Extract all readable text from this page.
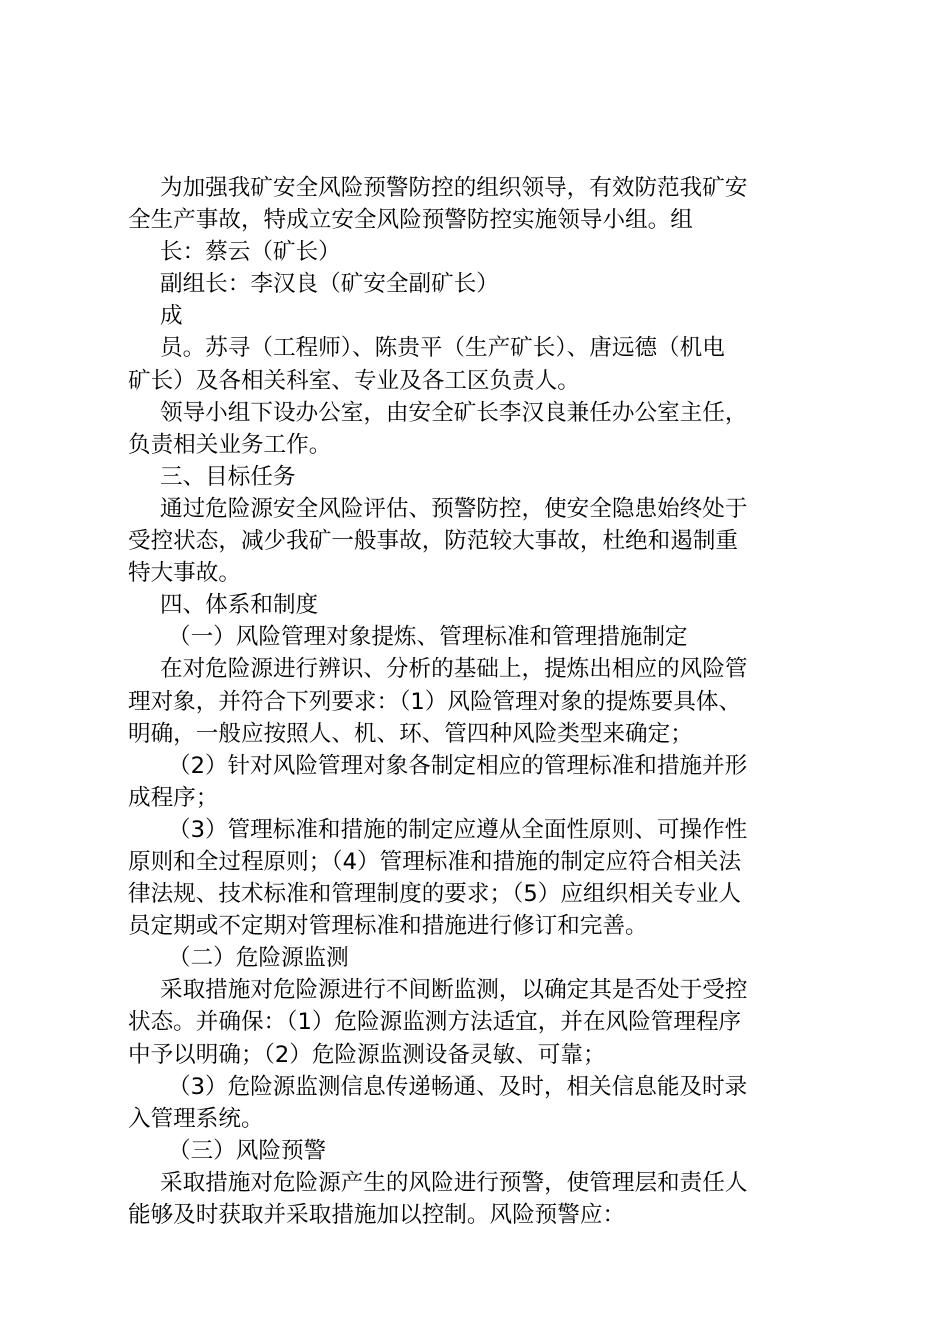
为加强我矿安全风险预警防控的组织领导，有效防范我矿安
全生产事故，特成立安全风险预警防控实施领导小组。组
长：蔡云（矿长）
副组长：李汉良（矿安全副矿长）
成
员。苏寻（工程师）、陈贵平（生产矿长）、唐远德（机电
矿长）及各相关科室、专业及各工区负责人。
领导小组下设办公室，由安全矿长李汉良兼任办公室主任，
负责相关业务工作。
三、目标任务
通过危险源安全风险评估、预警防控，使安全隐患始终处于
受控状态，减少我矿一般事故，防范较大事故，杜绝和遏制重
特大事故。
四、体系和制度
（一）风险管理对象提炼、管理标准和管理措施制定
在对危险源进行辨识、分析的基础上，提炼出相应的风险管
理对象，并符合下列要求：（1）风险管理对象的提炼要具体、
明确，一般应按照人、机、环、管四种风险类型来确定；
（2）针对风险管理对象各制定相应的管理标准和措施并形
成程序；
（3）管理标准和措施的制定应遵从全面性原则、可操作性
原则和全过程原则；（4）管理标准和措施的制定应符合相关法
律法规、技术标准和管理制度的要求；（5）应组织相关专业人
员定期或不定期对管理标准和措施进行修订和完善。
（二）危险源监测
采取措施对危险源进行不间断监测，以确定其是否处于受控
状态。并确保：（1）危险源监测方法适宜，并在风险管理程序
中予以明确；（2）危险源监测设备灵敏、可靠；
（3）危险源监测信息传递畅通、及时，相关信息能及时录
入管理系统。
（三）风险预警
采取措施对危险源产生的风险进行预警，使管理层和责任人
能够及时获取并采取措施加以控制。风险预警应：
